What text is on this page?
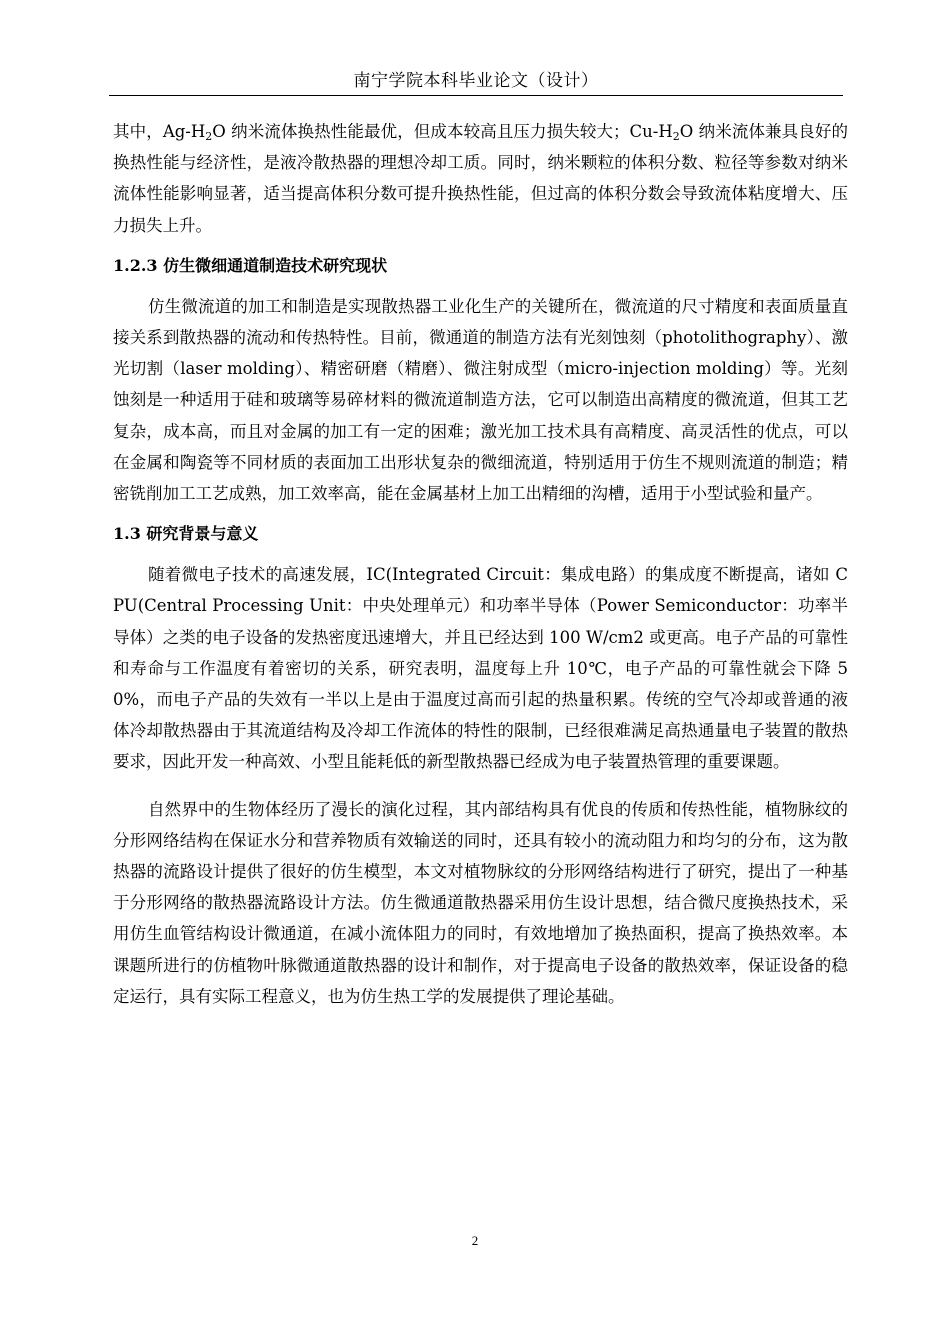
南宁学院本科毕业论文（设计）

其中，$Ag-H_2O$ 纳米流体换热性能最优，但成本较高且压力损失较大；$Cu-H_2O$ 纳米流体兼具良好的换热性能与经济性，是液冷散热器的理想冷却工质。同时，纳米颗粒的体积分数、粒径等参数对纳米流体性能影响显著，适当提高体积分数可提升换热性能，但过高的体积分数会导致流体粘度增大、压力损失上升。

1.2.3 仿生微细通道制造技术研究现状

仿生微流道的加工和制造是实现散热器工业化生产的关键所在，微流道的尺寸精度和表面质量直接关系到散热器的流动和传热特性。目前，微通道的制造方法有光刻蚀刻（photolithography）、激光切割（laser molding）、精密研磨（精磨）、微注射成型（micro-injection molding）等。光刻蚀刻是一种适用于硅和玻璃等易碎材料的微流道制造方法，它可以制造出高精度的微流道，但其工艺复杂，成本高，而且对金属的加工有一定的困难；激光加工技术具有高精度、高灵活性的优点，可以在金属和陶瓷等不同材质的表面加工出形状复杂的微细流道，特别适用于仿生不规则流道的制造；精密铣削加工工艺成熟，加工效率高，能在金属基材上加工出精细的沟槽，适用于小型试验和量产。

1.3 研究背景与意义

随着微电子技术的高速发展，IC(Integrated Circuit：集成电路）的集成度不断提高，诸如 CPU(Central Processing Unit：中央处理单元）和功率半导体（Power Semiconductor：功率半导体）之类的电子设备的发热密度迅速增大，并且已经达到 100 W/cm2 或更高。电子产品的可靠性和寿命与工作温度有着密切的关系，研究表明，温度每上升 10℃，电子产品的可靠性就会下降 50%，而电子产品的失效有一半以上是由于温度过高而引起的热量积累。传统的空气冷却或普通的液体冷却散热器由于其流道结构及冷却工作流体的特性的限制，已经很难满足高热通量电子装置的散热要求，因此开发一种高效、小型且能耗低的新型散热器已经成为电子装置热管理的重要课题。

自然界中的生物体经历了漫长的演化过程，其内部结构具有优良的传质和传热性能，植物脉纹的分形网络结构在保证水分和营养物质有效输送的同时，还具有较小的流动阻力和均匀的分布，这为散热器的流路设计提供了很好的仿生模型，本文对植物脉纹的分形网络结构进行了研究，提出了一种基于分形网络的散热器流路设计方法。仿生微通道散热器采用仿生设计思想，结合微尺度换热技术，采用仿生血管结构设计微通道，在减小流体阻力的同时，有效地增加了换热面积，提高了换热效率。本课题所进行的仿植物叶脉微通道散热器的设计和制作，对于提高电子设备的散热效率，保证设备的稳定运行，具有实际工程意义，也为仿生热工学的发展提供了理论基础。

2
